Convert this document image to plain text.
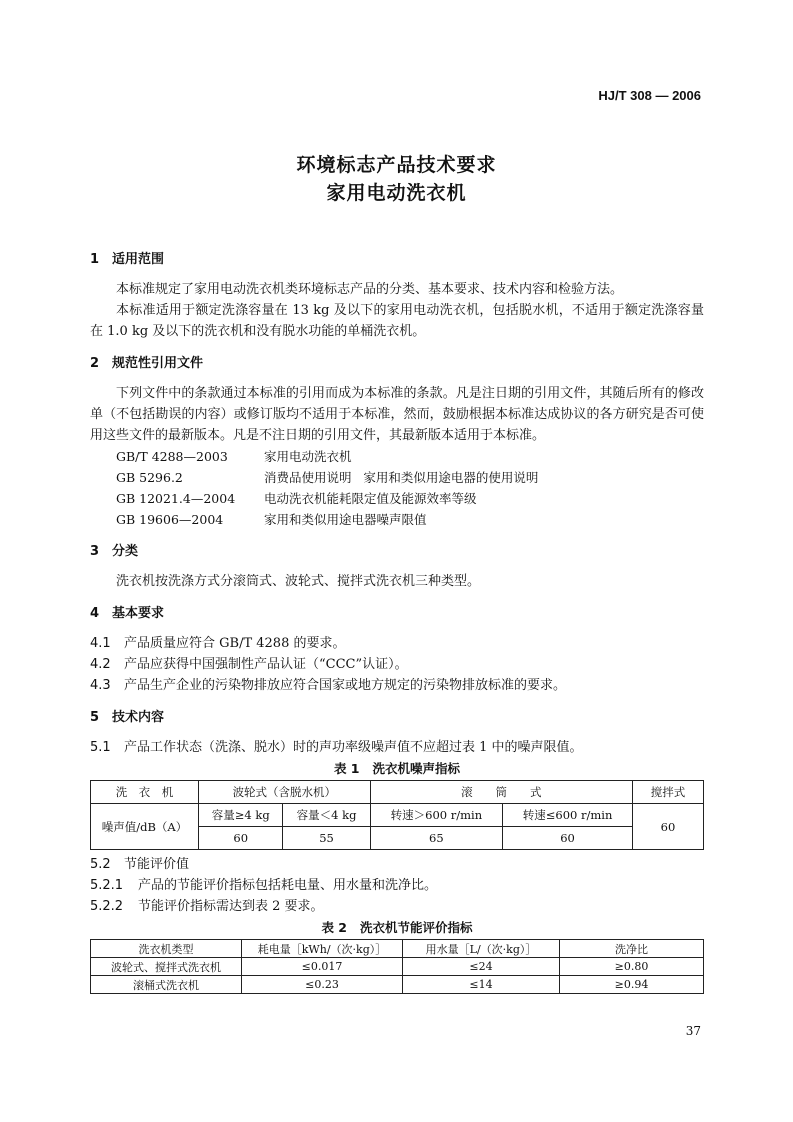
HJ/T 308 — 2006
环境标志产品技术要求
家用电动洗衣机
1 适用范围

本标准规定了家用电动洗衣机类环境标志产品的分类、基本要求、技术内容和检验方法。

本标准适用于额定洗涤容量在 13 kg 及以下的家用电动洗衣机，包括脱水机，不适用于额定洗涤容量在 1.0 kg 及以下的洗衣机和没有脱水功能的单桶洗衣机。

2 规范性引用文件

下列文件中的条款通过本标准的引用而成为本标准的条款。凡是注日期的引用文件，其随后所有的修改单（不包括勘误的内容）或修订版均不适用于本标准，然而，鼓励根据本标准达成协议的各方研究是否可使用这些文件的最新版本。凡是不注日期的引用文件，其最新版本适用于本标准。

GB/T 4288—2003	家用电动洗衣机
GB 5296.2	消费品使用说明   家用和类似用途电器的使用说明
GB 12021.4—2004	电动洗衣机能耗限定值及能源效率等级
GB 19606—2004	家用和类似用途电器噪声限值
3 分类

洗衣机按洗涤方式分滚筒式、波轮式、搅拌式洗衣机三种类型。

4 基本要求
4.1 产品质量应符合 GB/T 4288 的要求。
4.2 产品应获得中国强制性产品认证（“CCC”认证）。
4.3 产品生产企业的污染物排放应符合国家或地方规定的污染物排放标准的要求。
5 技术内容
5.1 产品工作状态（洗涤、脱水）时的声功率级噪声值不应超过表 1 中的噪声限值。
表 1   洗衣机噪声指标
洗　衣　机	波轮式（含脱水机）		滚　　筒　　式		搅拌式
噪声值/dB（A）	容量≥4 kg	容量＜4 kg	转速＞600 r/min	转速≤600 r/min	60
	60	55	65	60	
5.2 节能评价值
5.2.1 产品的节能评价指标包括耗电量、用水量和洗净比。
5.2.2 节能评价指标需达到表 2 要求。
表 2   洗衣机节能评价指标
洗衣机类型	耗电量［kWh/（次·kg）］	用水量［L/（次·kg）］	洗净比
波轮式、搅拌式洗衣机	≤0.017	≤24	≥0.80
滚桶式洗衣机	≤0.23	≤14	≥0.94
37
